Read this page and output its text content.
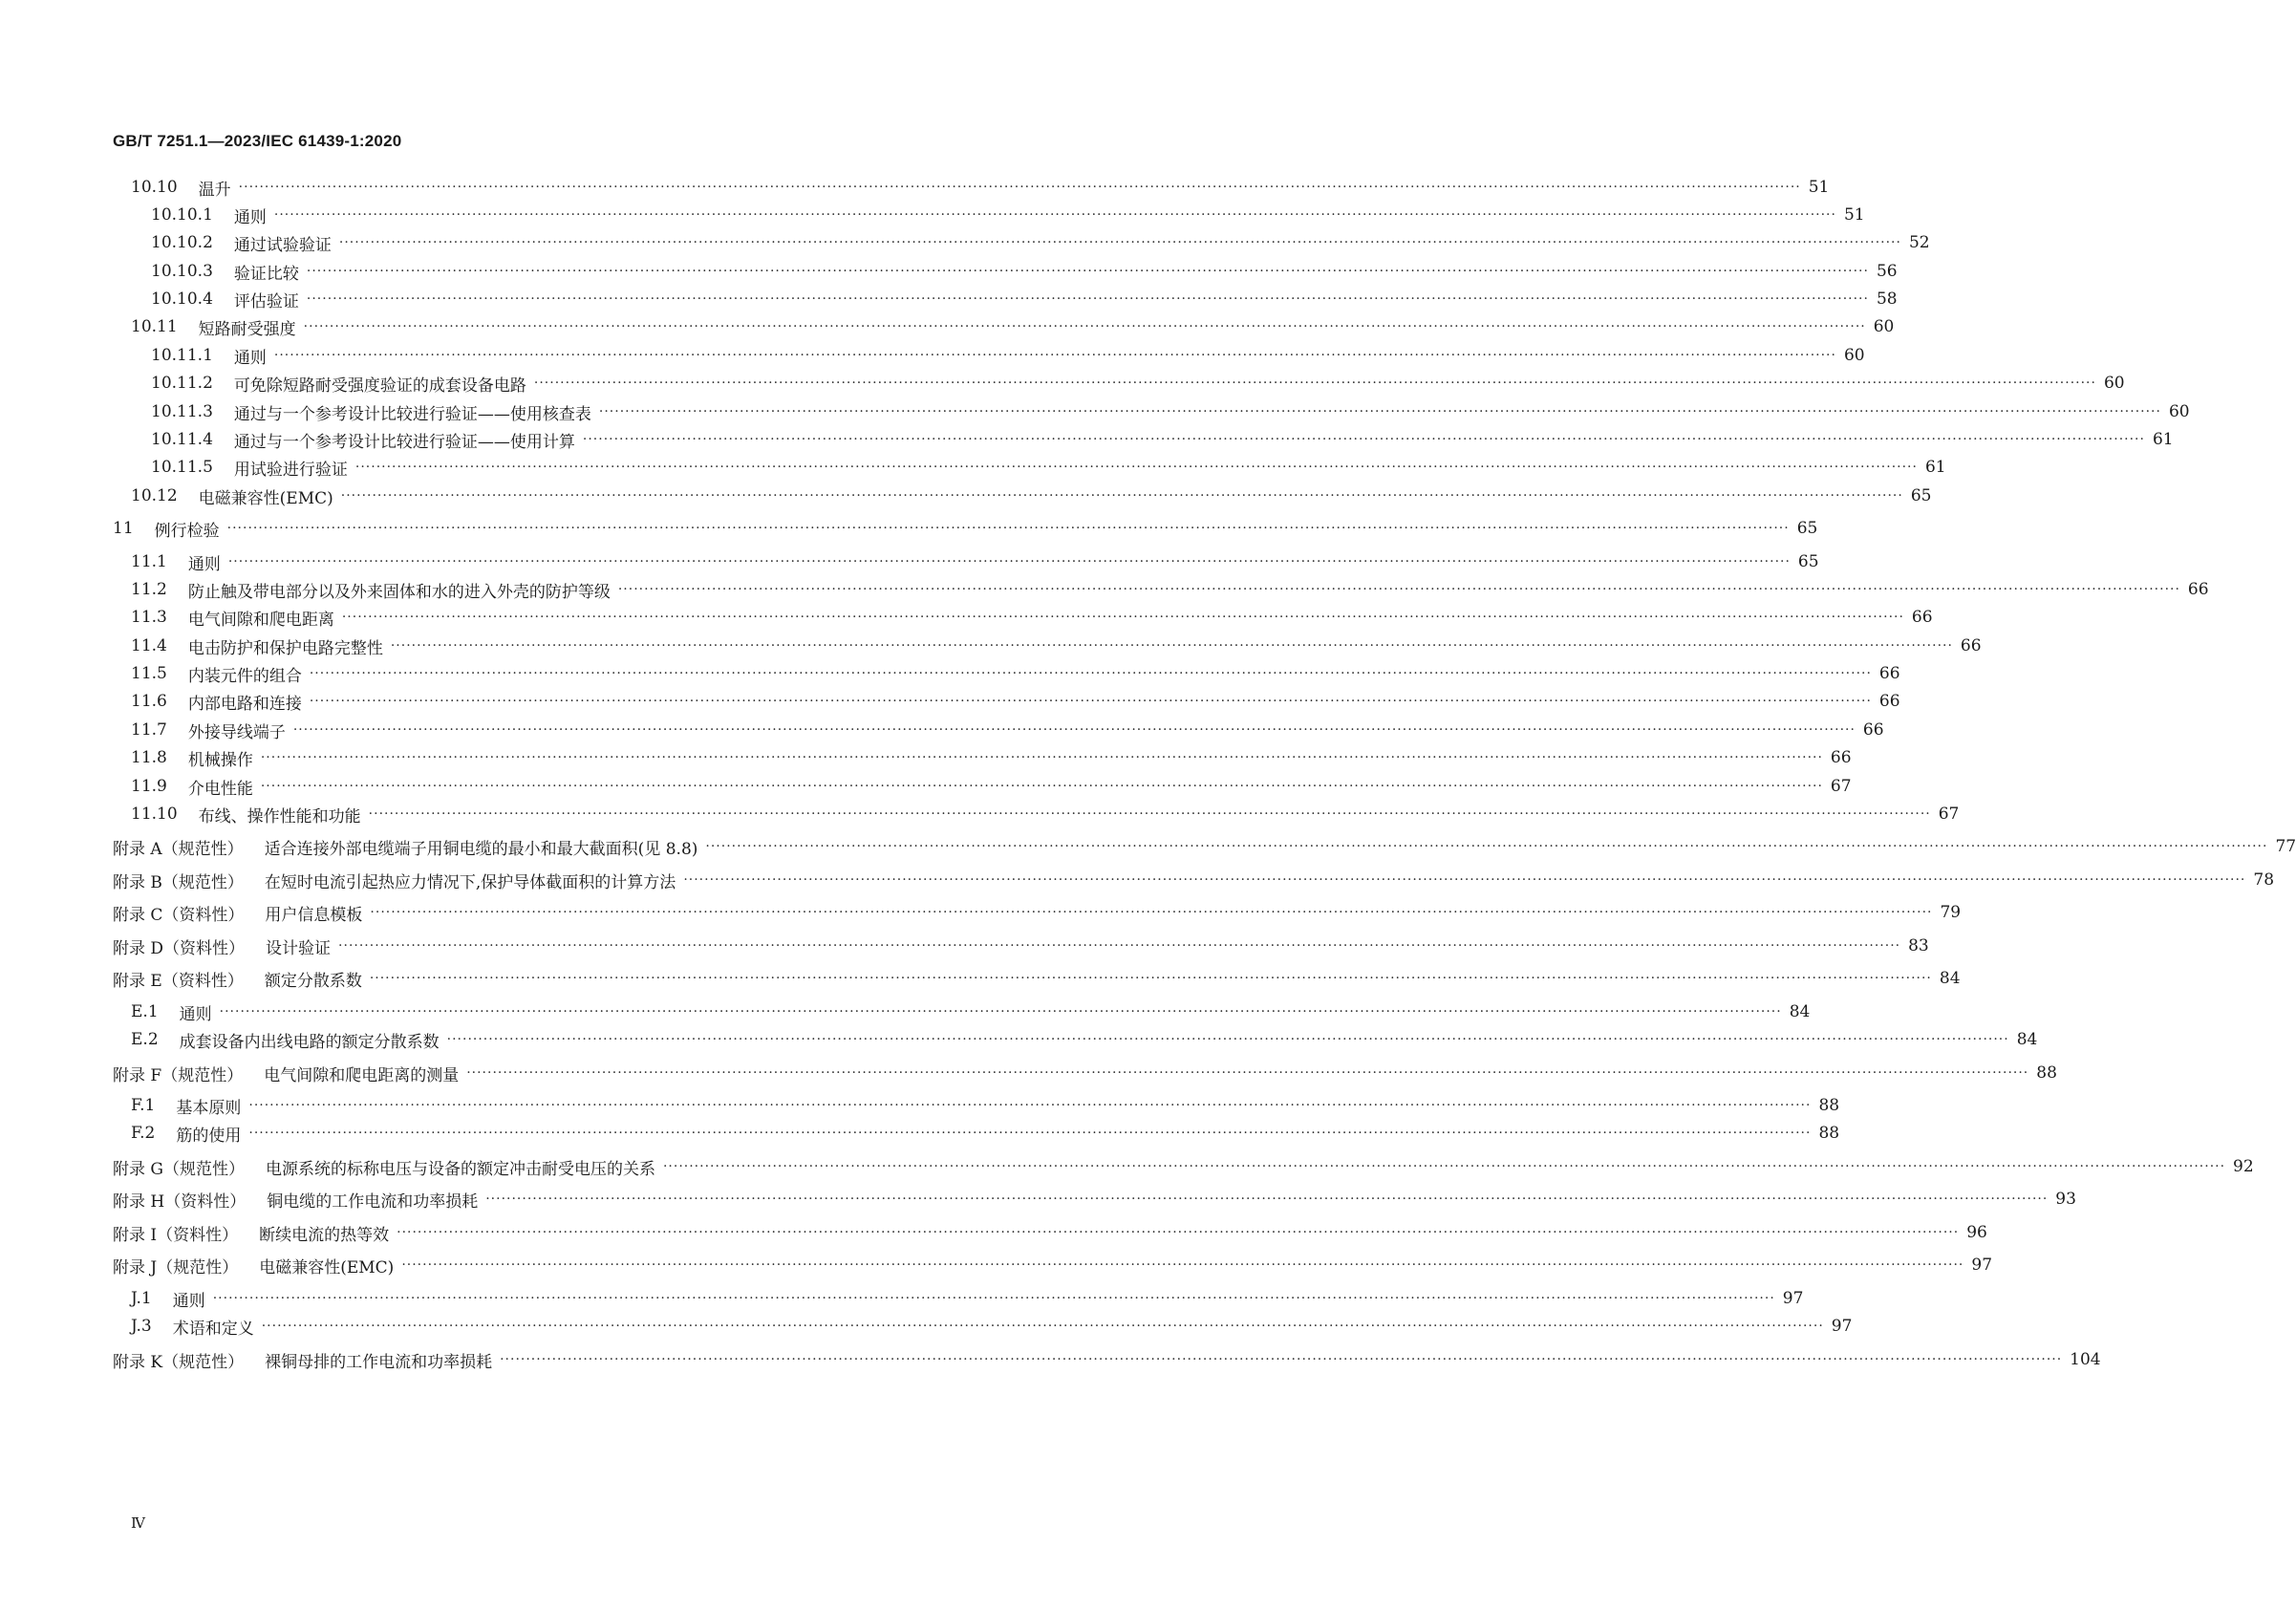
GB/T 7251.1—2023/IEC 61439-1:2020
10.10 温升 ············································································································································································································································································································ 51
10.10.1 通则 ············································································································································································································································································································ 51
10.10.2 通过试验验证 ············································································································································································································································································································ 52
10.10.3 验证比较 ············································································································································································································································································································ 56
10.10.4 评估验证 ············································································································································································································································································································ 58
10.11 短路耐受强度 ············································································································································································································································································································ 60
10.11.1 通则 ············································································································································································································································································································ 60
10.11.2 可免除短路耐受强度验证的成套设备电路 ············································································································································································································································································································ 60
10.11.3 通过与一个参考设计比较进行验证——使用核查表 ············································································································································································································································································································ 60
10.11.4 通过与一个参考设计比较进行验证——使用计算 ············································································································································································································································································································ 61
10.11.5 用试验进行验证 ············································································································································································································································································································ 61
10.12 电磁兼容性(EMC) ············································································································································································································································································································ 65
11 例行检验 ············································································································································································································································································································ 65
11.1 通则 ············································································································································································································································································································ 65
11.2 防止触及带电部分以及外来固体和水的进入外壳的防护等级 ············································································································································································································································································································ 66
11.3 电气间隙和爬电距离 ············································································································································································································································································································ 66
11.4 电击防护和保护电路完整性 ············································································································································································································································································································ 66
11.5 内装元件的组合 ············································································································································································································································································································ 66
11.6 内部电路和连接 ············································································································································································································································································································ 66
11.7 外接导线端子 ············································································································································································································································································································ 66
11.8 机械操作 ············································································································································································································································································································ 66
11.9 介电性能 ············································································································································································································································································································ 67
11.10 布线、操作性能和功能 ············································································································································································································································································································ 67
附录 A（规范性） 适合连接外部电缆端子用铜电缆的最小和最大截面积(见 8.8) ············································································································································································································································································································ 77
附录 B（规范性） 在短时电流引起热应力情况下,保护导体截面积的计算方法 ············································································································································································································································································································ 78
附录 C（资料性） 用户信息模板 ············································································································································································································································································································ 79
附录 D（资料性） 设计验证 ············································································································································································································································································································ 83
附录 E（资料性） 额定分散系数 ············································································································································································································································································································ 84
E.1 通则 ············································································································································································································································································································ 84
E.2 成套设备内出线电路的额定分散系数 ············································································································································································································································································································ 84
附录 F（规范性） 电气间隙和爬电距离的测量 ············································································································································································································································································································ 88
F.1 基本原则 ············································································································································································································································································································ 88
F.2 筋的使用 ············································································································································································································································································································ 88
附录 G（规范性） 电源系统的标称电压与设备的额定冲击耐受电压的关系 ············································································································································································································································································································ 92
附录 H（资料性） 铜电缆的工作电流和功率损耗 ············································································································································································································································································································ 93
附录 I（资料性） 断续电流的热等效 ············································································································································································································································································································ 96
附录 J（规范性） 电磁兼容性(EMC) ············································································································································································································································································································ 97
J.1 通则 ············································································································································································································································································································ 97
J.3 术语和定义 ············································································································································································································································································································ 97
附录 K（规范性） 裸铜母排的工作电流和功率损耗 ············································································································································································································································································································ 104
Ⅳ
